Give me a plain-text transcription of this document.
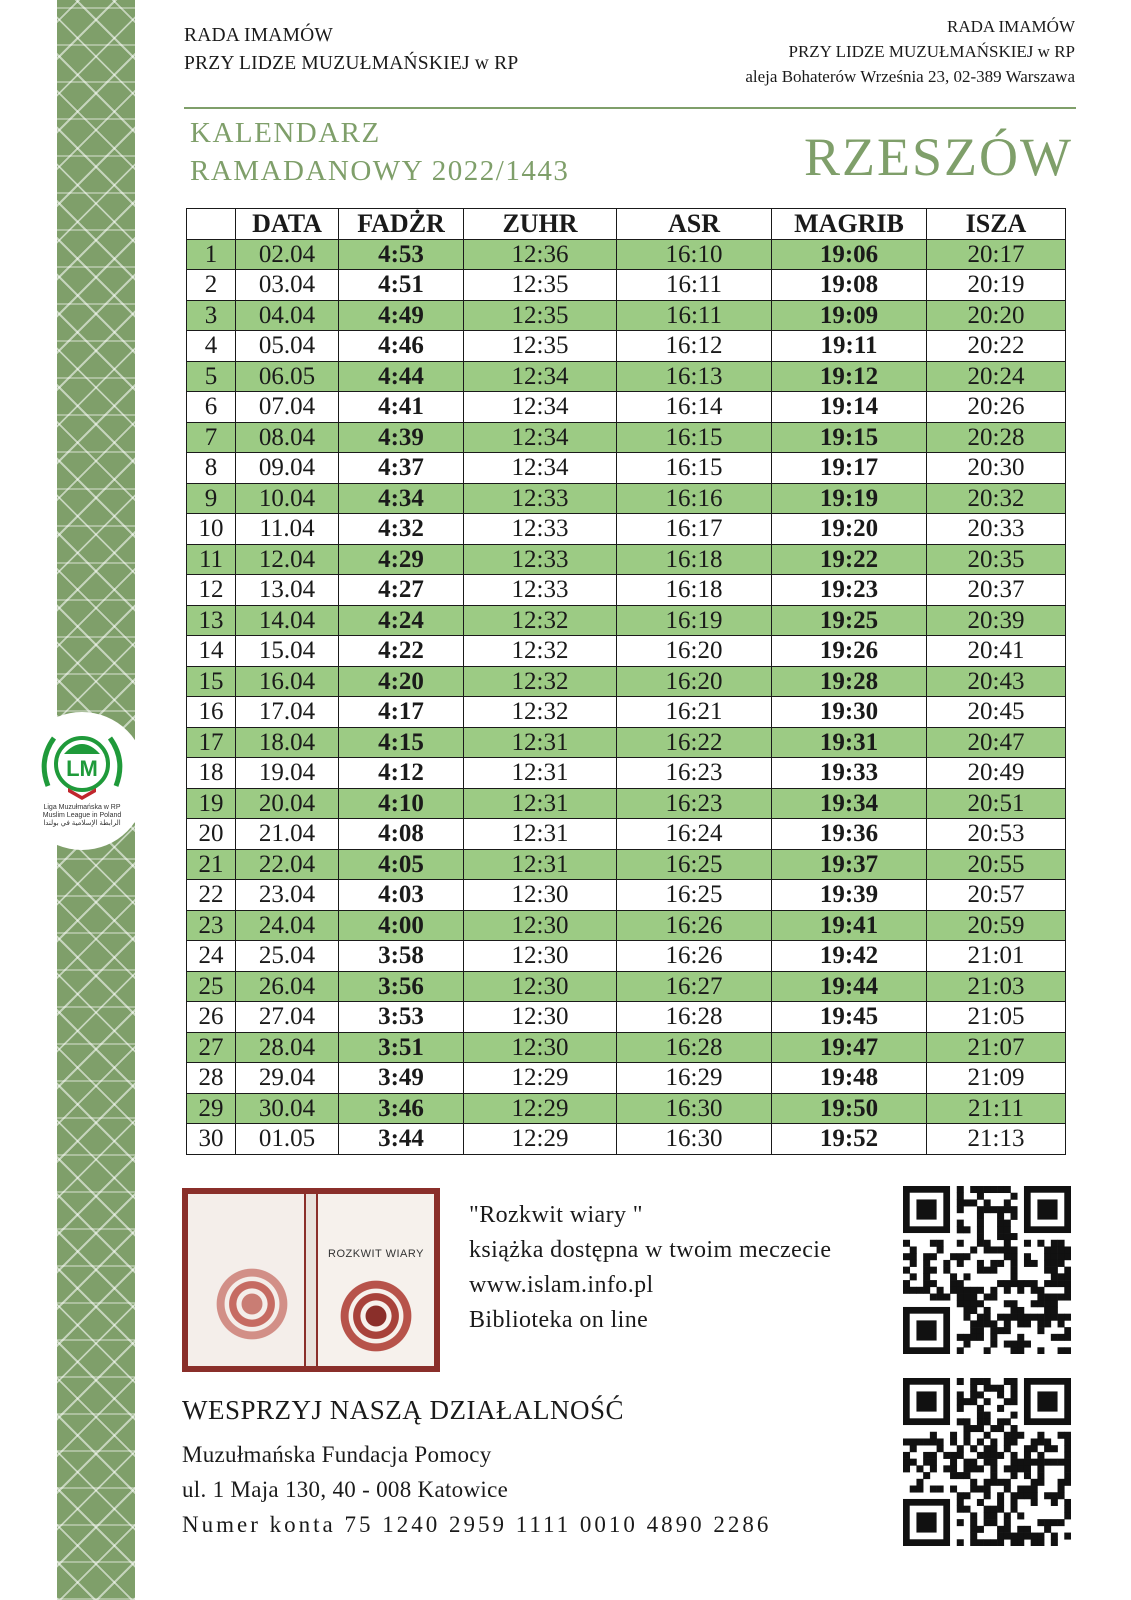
LM
Liga Muzułmańska w RP
Muslim League in Poland
الرابطة الإسلامية في بولندا
RADA IMAMÓW
PRZY LIDZE MUZUŁMAŃSKIEJ w RP
RADA IMAMÓW
PRZY LIDZE MUZUŁMAŃSKIEJ w RP
aleja Bohaterów Września 23, 02-389 Warszawa
KALENDARZ
RAMADANOWY 2022/1443	RZESZÓW
	DATA	FADŻR	ZUHR	ASR	MAGRIB	ISZA
1	02.04	4:53	12:36	16:10	19:06	20:17
2	03.04	4:51	12:35	16:11	19:08	20:19
3	04.04	4:49	12:35	16:11	19:09	20:20
4	05.04	4:46	12:35	16:12	19:11	20:22
5	06.05	4:44	12:34	16:13	19:12	20:24
6	07.04	4:41	12:34	16:14	19:14	20:26
7	08.04	4:39	12:34	16:15	19:15	20:28
8	09.04	4:37	12:34	16:15	19:17	20:30
9	10.04	4:34	12:33	16:16	19:19	20:32
10	11.04	4:32	12:33	16:17	19:20	20:33
11	12.04	4:29	12:33	16:18	19:22	20:35
12	13.04	4:27	12:33	16:18	19:23	20:37
13	14.04	4:24	12:32	16:19	19:25	20:39
14	15.04	4:22	12:32	16:20	19:26	20:41
15	16.04	4:20	12:32	16:20	19:28	20:43
16	17.04	4:17	12:32	16:21	19:30	20:45
17	18.04	4:15	12:31	16:22	19:31	20:47
18	19.04	4:12	12:31	16:23	19:33	20:49
19	20.04	4:10	12:31	16:23	19:34	20:51
20	21.04	4:08	12:31	16:24	19:36	20:53
21	22.04	4:05	12:31	16:25	19:37	20:55
22	23.04	4:03	12:30	16:25	19:39	20:57
23	24.04	4:00	12:30	16:26	19:41	20:59
24	25.04	3:58	12:30	16:26	19:42	21:01
25	26.04	3:56	12:30	16:27	19:44	21:03
26	27.04	3:53	12:30	16:28	19:45	21:05
27	28.04	3:51	12:30	16:28	19:47	21:07
28	29.04	3:49	12:29	16:29	19:48	21:09
29	30.04	3:46	12:29	16:30	19:50	21:11
30	01.05	3:44	12:29	16:30	19:52	21:13
ROZKWIT WIARY
"Rozkwit wiary "
książka dostępna w twoim meczecie
www.islam.info.pl
Biblioteka on line
WESPRZYJ NASZĄ DZIAŁALNOŚĆ
Muzułmańska Fundacja Pomocy
ul. 1 Maja 130, 40 - 008 Katowice
Numer konta 75 1240 2959 1111 0010 4890 2286
